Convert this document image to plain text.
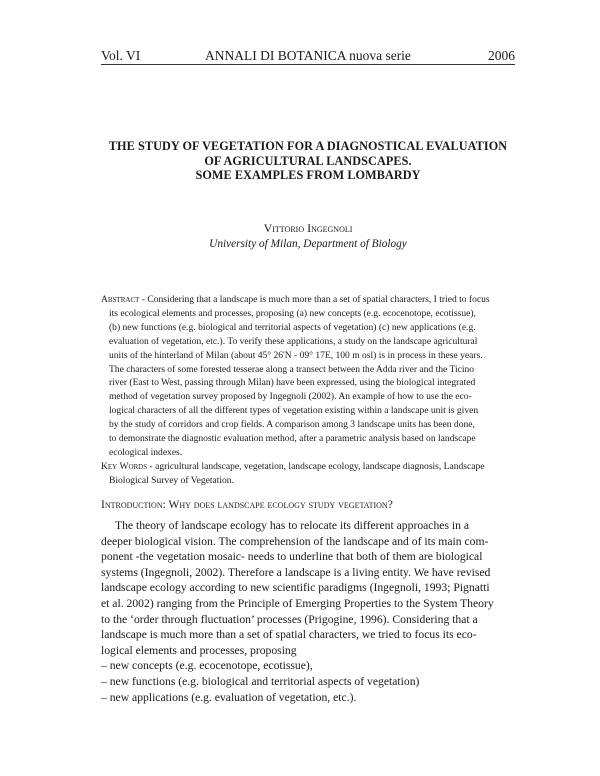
Vol. VI	ANNALI DI BOTANICA nuova serie	2006
THE STUDY OF VEGETATION FOR A DIAGNOSTICAL EVALUATION
OF AGRICULTURAL LANDSCAPES.
SOME EXAMPLES FROM LOMBARDY
Vittorio Ingegnoli
University of Milan, Department of Biology
Abstract - Considering that a landscape is much more than a set of spatial characters, I tried to focus
its ecological elements and processes, proposing (a) new concepts (e.g. ecocenotope, ecotissue),
(b) new functions (e.g. biological and territorial aspects of vegetation) (c) new applications (e.g.
evaluation of vegetation, etc.). To verify these applications, a study on the landscape agricultural
units of the hinterland of Milan (about 45° 26'N - 09° 17E, 100 m osl) is in process in these years.
The characters of some forested tesserae along a transect between the Adda river and the Ticino
river (East to West, passing through Milan) have been expressed, using the biological integrated
method of vegetation survey proposed by Ingegnoli (2002). An example of how to use the eco-
logical characters of all the different types of vegetation existing within a landscape unit is given
by the study of corridors and crop fields. A comparison among 3 landscape units has been done,
to demonstrate the diagnostic evaluation method, after a parametric analysis based on landscape
ecological indexes.
Key Words - agricultural landscape, vegetation, landscape ecology, landscape diagnosis, Landscape
Biological Survey of Vegetation.
Introduction: Why does landscape ecology study vegetation?
The theory of landscape ecology has to relocate its different approaches in a
deeper biological vision. The comprehension of the landscape and of its main com-
ponent -the vegetation mosaic- needs to underline that both of them are biological
systems (Ingegnoli, 2002). Therefore a landscape is a living entity. We have revised
landscape ecology according to new scientific paradigms (Ingegnoli, 1993; Pignatti
et al. 2002) ranging from the Principle of Emerging Properties to the System Theory
to the ‘order through fluctuation’ processes (Prigogine, 1996). Considering that a
landscape is much more than a set of spatial characters, we tried to focus its eco-
logical elements and processes, proposing
– new concepts (e.g. ecocenotope, ecotissue),
– new functions (e.g. biological and territorial aspects of vegetation)
– new applications (e.g. evaluation of vegetation, etc.).
